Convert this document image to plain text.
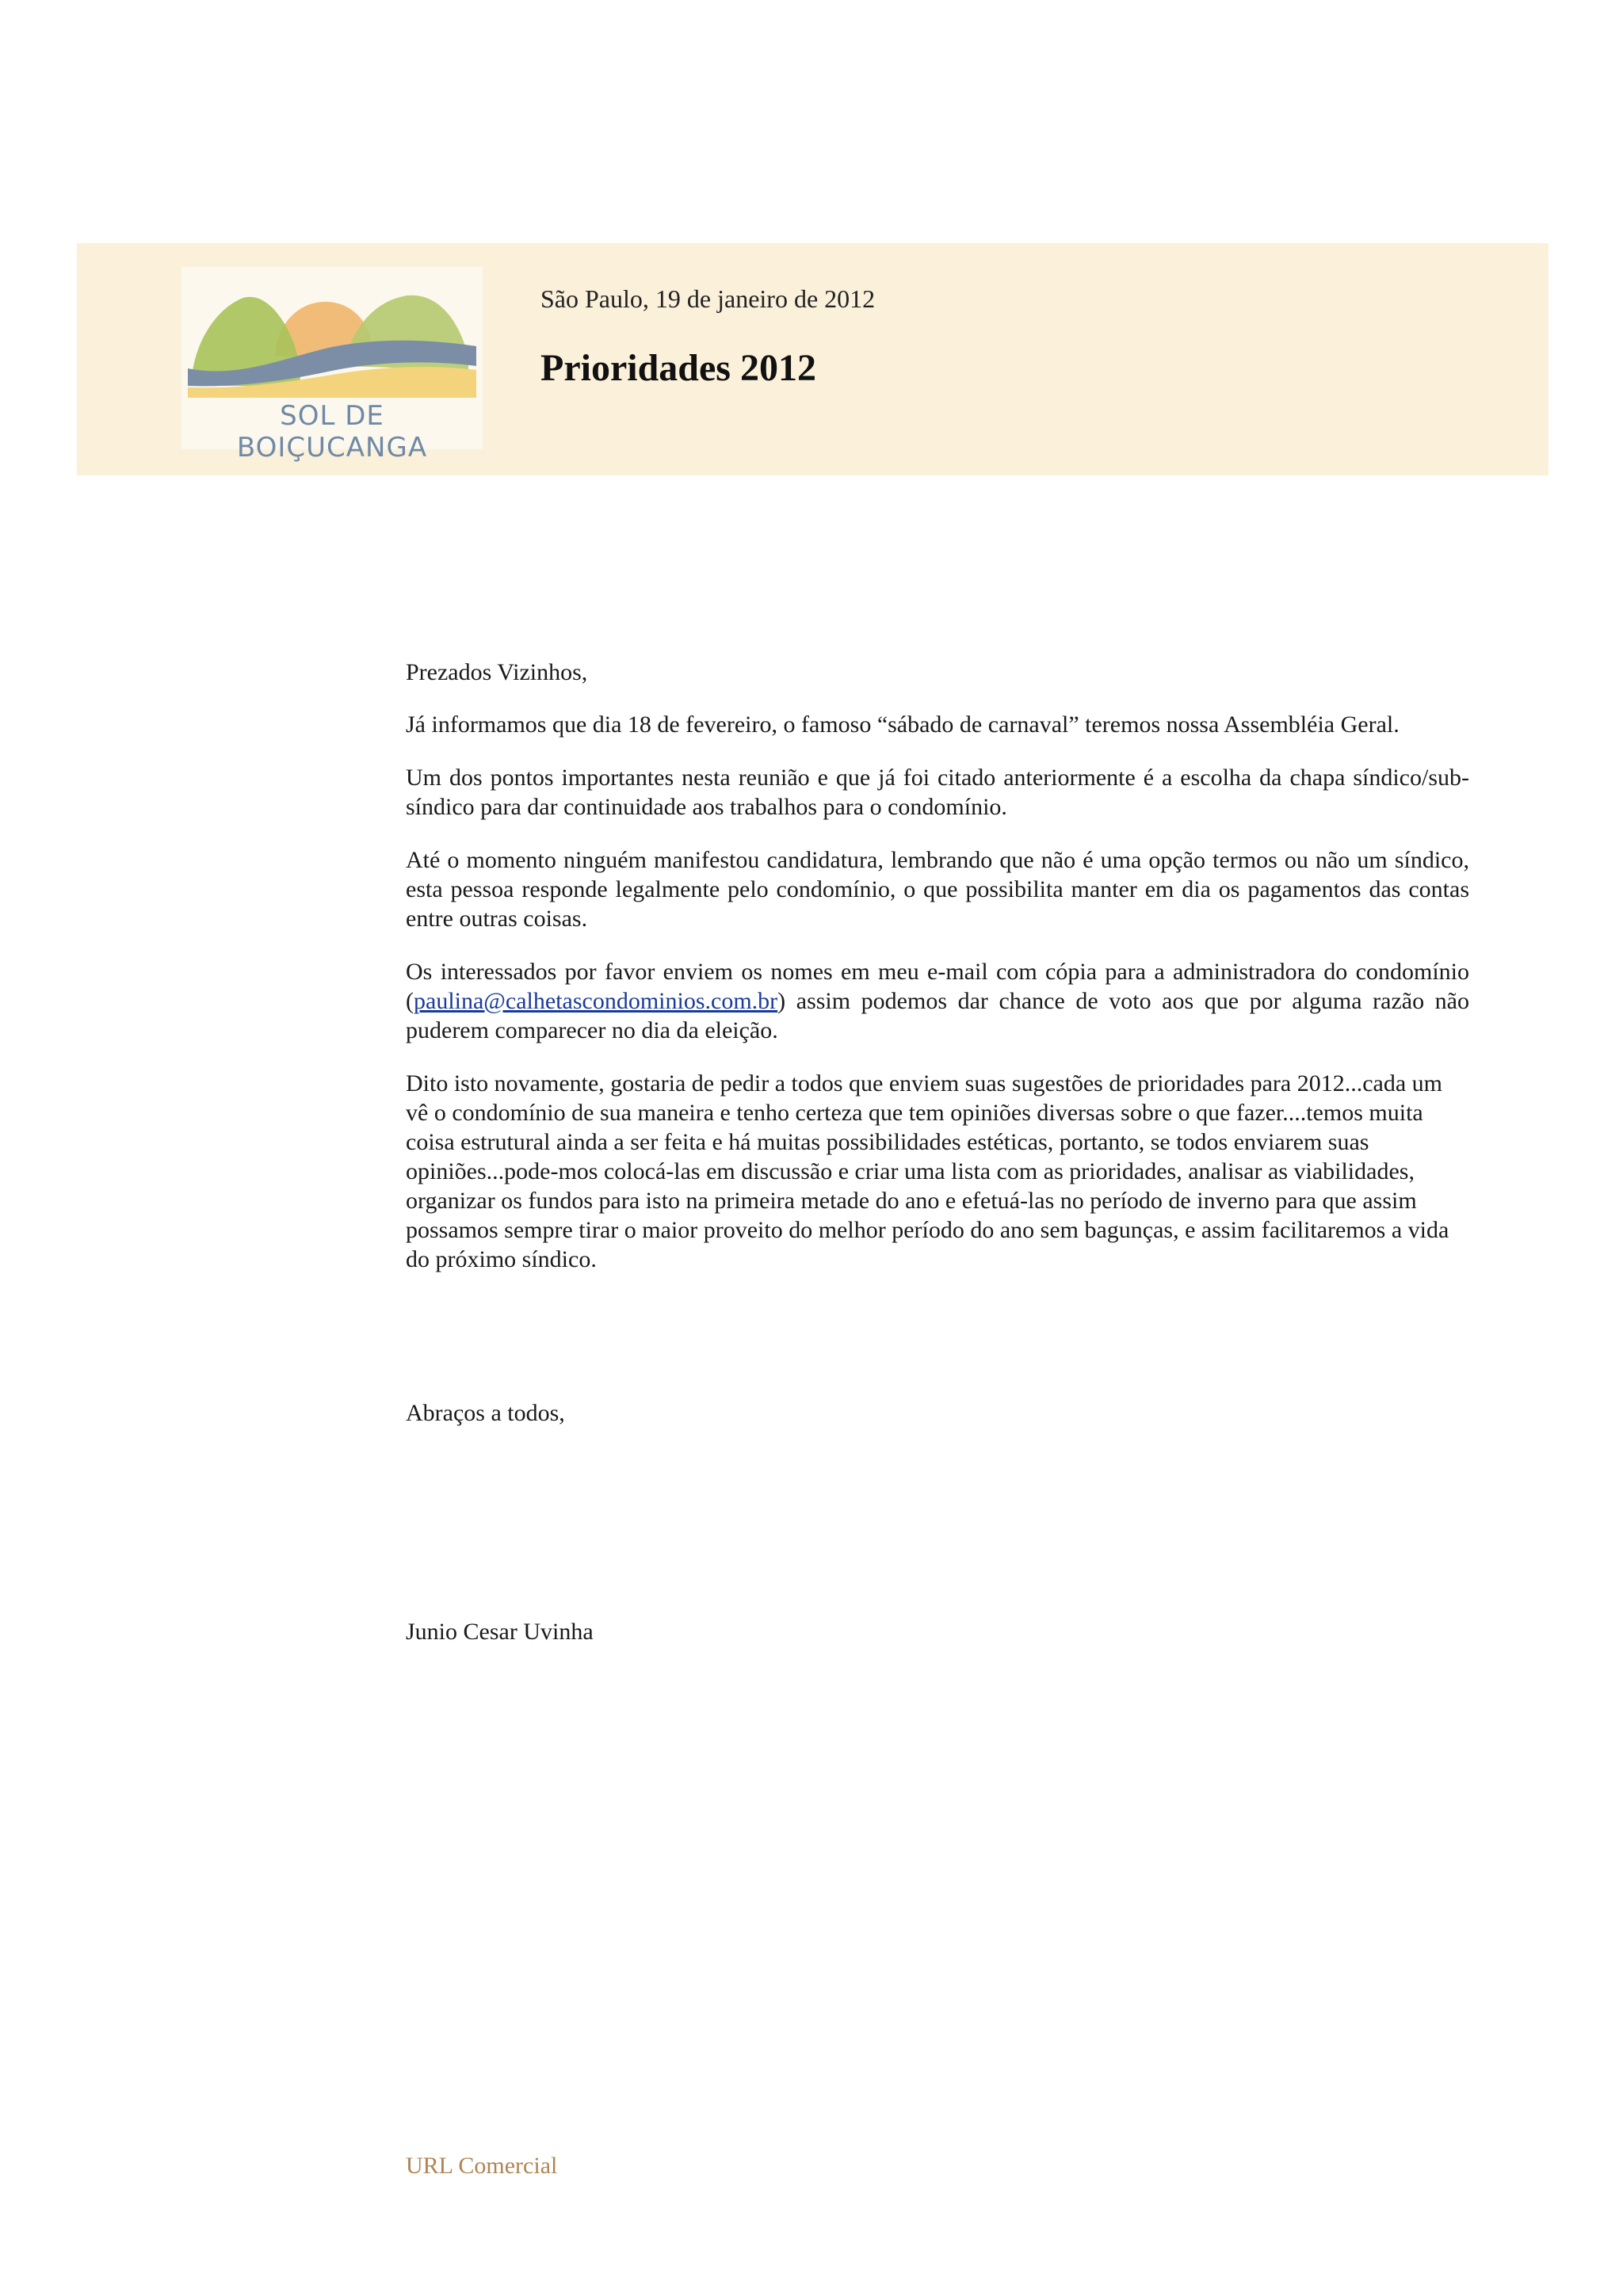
SOL DE BOIÇUCANGA
São Paulo, 19 de janeiro de 2012
Prioridades 2012

Prezados Vizinhos,

Já informamos que dia 18 de fevereiro, o famoso “sábado de carnaval” teremos nossa Assembléia Geral.

Um dos pontos importantes nesta reunião e que já foi citado anteriormente é a escolha da chapa síndico/sub-síndico para dar continuidade aos trabalhos para o condomínio.

Até o momento ninguém manifestou candidatura, lembrando que não é uma opção termos ou não um síndico, esta pessoa responde legalmente pelo condomínio, o que possibilita manter em dia os pagamentos das contas entre outras coisas.

Os interessados por favor enviem os nomes em meu e-mail com cópia para a administradora do condomínio (paulina@calhetascondominios.com.br) assim podemos dar chance de voto aos que por alguma razão não puderem comparecer no dia da eleição.

Dito isto novamente, gostaria de pedir a todos que enviem suas sugestões de prioridades para 2012...cada um vê o condomínio de sua maneira e tenho certeza que tem opiniões diversas sobre o que fazer....temos muita coisa estrutural ainda a ser feita e há muitas possibilidades estéticas, portanto, se todos enviarem suas opiniões...pode-mos colocá-las em discussão e criar uma lista com as prioridades, analisar as viabilidades, organizar os fundos para isto na primeira metade do ano e efetuá-las no período de inverno para que assim possamos sempre tirar o maior proveito do melhor período do ano sem bagunças, e assim facilitaremos a vida do próximo síndico.

Abraços a todos,
Junio Cesar Uvinha
URL Comercial
